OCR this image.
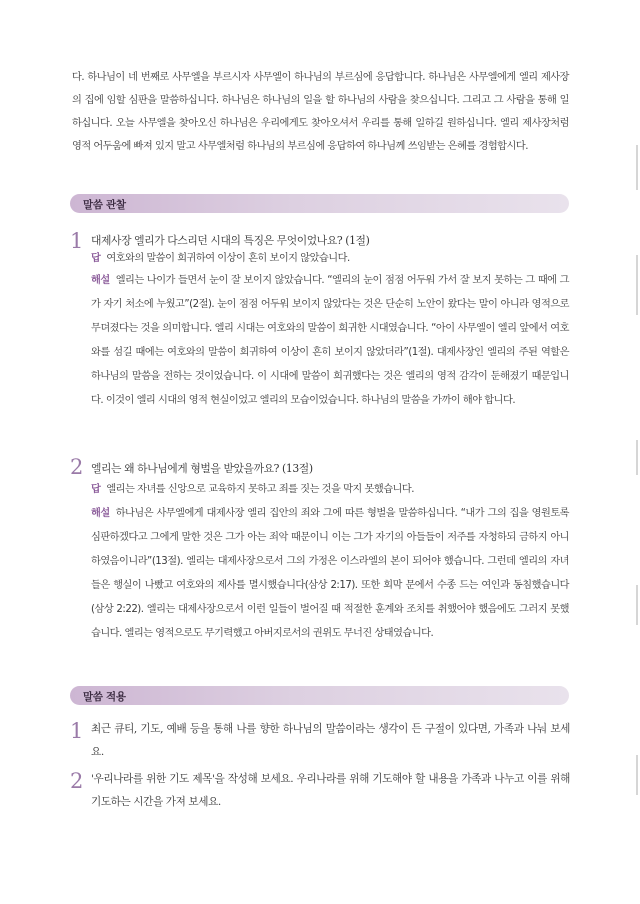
다. 하나님이 네 번째로 사무엘을 부르시자 사무엘이 하나님의 부르심에 응답합니다. 하나님은 사무엘에게 엘리 제사장의 집에 임할 심판을 말씀하십니다. 하나님은 하나님의 일을 할 하나님의 사람을 찾으십니다. 그리고 그 사람을 통해 일하십니다. 오늘 사무엘을 찾아오신 하나님은 우리에게도 찾아오셔서 우리를 통해 일하길 원하십니다. 엘리 제사장처럼 영적 어두움에 빠져 있지 말고 사무엘처럼 하나님의 부르심에 응답하여 하나님께 쓰임받는 은혜를 경험합시다.

말씀 관찰
1 대제사장 엘리가 다스리던 시대의 특징은 무엇이었나요? (1절)
답 여호와의 말씀이 희귀하여 이상이 흔히 보이지 않았습니다.

해설 엘리는 나이가 들면서 눈이 잘 보이지 않았습니다. “엘리의 눈이 점점 어두워 가서 잘 보지 못하는 그 때에 그가 자기 처소에 누웠고”(2절). 눈이 점점 어두워 보이지 않았다는 것은 단순히 노안이 왔다는 말이 아니라 영적으로 무뎌졌다는 것을 의미합니다. 엘리 시대는 여호와의 말씀이 희귀한 시대였습니다. “아이 사무엘이 엘리 앞에서 여호와를 섬길 때에는 여호와의 말씀이 희귀하여 이상이 흔히 보이지 않았더라”(1절). 대제사장인 엘리의 주된 역할은 하나님의 말씀을 전하는 것이었습니다. 이 시대에 말씀이 희귀했다는 것은 엘리의 영적 감각이 둔해졌기 때문입니다. 이것이 엘리 시대의 영적 현실이었고 엘리의 모습이었습니다. 하나님의 말씀을 가까이 해야 합니다.

2 엘리는 왜 하나님에게 형벌을 받았을까요? (13절)
답 엘리는 자녀를 신앙으로 교육하지 못하고 죄를 짓는 것을 막지 못했습니다.

해설 하나님은 사무엘에게 대제사장 엘리 집안의 죄와 그에 따른 형벌을 말씀하십니다. “내가 그의 집을 영원토록 심판하겠다고 그에게 말한 것은 그가 아는 죄악 때문이니 이는 그가 자기의 아들들이 저주를 자청하되 금하지 아니하였음이니라”(13절). 엘리는 대제사장으로서 그의 가정은 이스라엘의 본이 되어야 했습니다. 그런데 엘리의 자녀들은 행실이 나빴고 여호와의 제사를 멸시했습니다(삼상 2:17). 또한 회막 문에서 수종 드는 여인과 동침했습니다(삼상 2:22). 엘리는 대제사장으로서 이런 일들이 벌어질 때 적절한 훈계와 조치를 취했어야 했음에도 그러지 못했습니다. 엘리는 영적으로도 무기력했고 아버지로서의 권위도 무너진 상태였습니다.

말씀 적용
1 최근 큐티, 기도, 예배 등을 통해 나를 향한 하나님의 말씀이라는 생각이 든 구절이 있다면, 가족과 나눠 보세요.

2 '우리나라를 위한 기도 제목'을 작성해 보세요. 우리나라를 위해 기도해야 할 내용을 가족과 나누고 이를 위해 기도하는 시간을 가져 보세요.
